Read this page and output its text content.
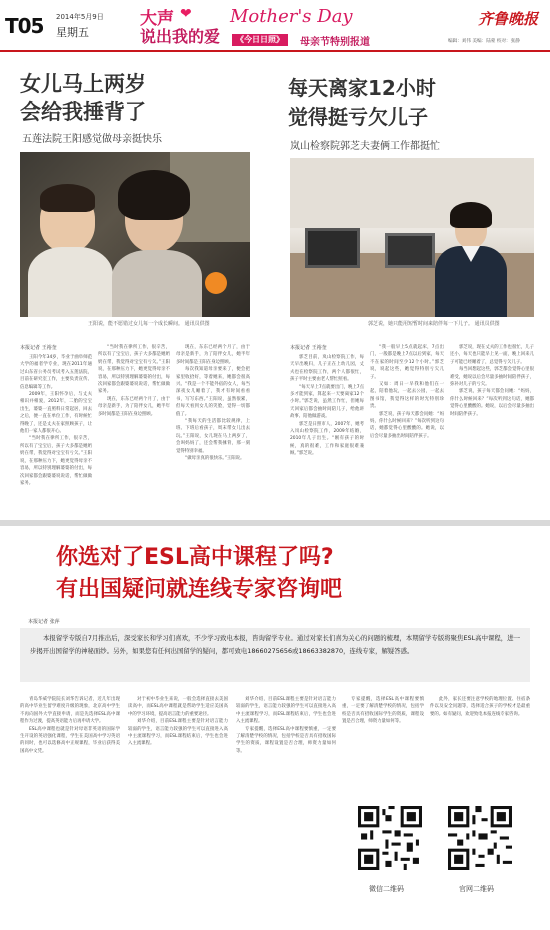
T05 2014年5月9日
星期五
大声 ❤
说出我的爱
Mother's Day
《今日日照》	母亲节特别报道
齐鲁晚报
编辑：刘伟 美编：陆蒙 校对：张静
女儿马上两岁
会给我捶背了
五莲法院王阳感觉做母亲挺快乐
每天离家12小时
觉得挺亏欠儿子
岚山检察院郭芝夫妻俩工作都挺忙
王阳说，能不愿错过女儿每一个成长瞬间。 通讯员供图	郭芝说，她只能用短暂时间来陪伴每一下儿子。 通讯员供图
本报记者 王裕奎

王阳今年34岁，毕业于曲阜师范大学的福者学专业，现在2011年通过山东省公务员考试考入五莲法院，目前在研究室工作，主要负责宣传、信息编辑等工作。

2009年，王阳怀孕后，与丈夫相识并相爱，2012年，二胎的宝宝出生，婆婆一直照料日常起居，回去之后，便一直在单位工作，有时候忙得晚了，还是丈夫在家照顾孩子，让他们一家人都很开心。

“当时我在律所工作，很辛苦，所以有了宝宝后，孩子大多都是她奶奶在带，我觉得对宝宝有亏欠。”王阳说，在那种压力下，她更觉得母亲不容易，所以特别理解婆婆的付出，每次回家都会跟婆婆说说话，帮忙做做家务。

“当时我在律所工作，很辛苦，所以有了宝宝后，孩子大多都是她奶奶在带，我觉得对宝宝有亏欠。”王阳说，在那种压力下，她更觉得母亲不容易，所以特别理解婆婆的付出，每次回家都会跟婆婆说说话，帮忙做做家务。

现在，东东已经两个月了，由于母亲是新手，为了陪伴女儿，她半年多时间都是王阳在身边照顾。

现在，东东已经两个月了，由于母亲是新手，为了陪伴女儿，她半年多时间都是王阳在身边照顾。

每次我知道母亲要来了，便会把家里收拾好，等着她来，她都会很高兴。“我是一个不能外宿的女人，每当深夜女儿睡着了，我才有时间看看书，写写东西。”王阳说，虽然很累，但每天看到女儿的笑脸，觉得一切都值了。

“我每天的生活都比较规律，上班、下班后看孩子，周末带女儿出去玩。”王阳说，女儿现在马上两岁了，会叫妈妈了，还会帮我捶背，那一刻觉得特别幸福。

“做母亲真的很快乐。”王阳说。

本报记者 王裕奎

郭芝目前，岚山检察院工作，每天早出晚归，儿子正在上幼儿园，丈夫也在检察院工作，两个人都很忙，孩子平时主要由老人帮忙照看。

“每天早上7点就要出门，晚上7点多才能到家，算起来一天要离家12个小时。”郭芝说，虽然工作忙，但她每天回家后都会抽时间陪儿子，给他讲故事、陪他做游戏。

郭芝是日照市人，2007年，她考入岚山检察院工作，2009年结婚，2010年儿子出生。“刚有孩子的时候，真的很难，工作和家庭很难兼顾。”郭芝说。

“我一般早上5点就起床，7点出门，一般都是晚上7点以后到家，每天不在家的时间至少12个小时。”郭芝说，说起这些，她觉得特别亏欠儿子。

又如：周日一早我和他们在一起，陪着他玩，一起去公园，一起去图书馆，我觉得这样的时光特别珍贵。

郭芝说，孩子每天都会问她：“妈妈，你什么时候回来？”每次听到这句话，她都觉得心里酸酸的。她说，以后会尽量多抽出时间陪伴孩子。

郭芝说，现在丈夫的工作也很忙，儿子还小，每天也只能早上见一面，晚上回来儿子可能已经睡着了，总觉得亏欠儿子。

每当回想起这些，郭芝都会觉得心里很难受，她说以后会尽量多抽时间陪伴孩子，弥补对儿子的亏欠。

郭芝说，孩子每天都会问她：“妈妈，你什么时候回来？”每次听到这句话，她都觉得心里酸酸的。她说，以后会尽量多抽出时间陪伴孩子。

你选对了ESL高中课程了吗?
有出国疑问就连线专家咨询吧
本报记者 张萍
本报留学专版自7月推出后，深受家长和学习们喜欢，不少学习致电本报，咨询留学专业。通过对家长们喜为关心的问题的梳理，本期留学专版将聚焦ESL高中课程，进一步揭开出国留学的神秘面纱。另外，如果您有任何出国留学的疑问，都可致电18660275656或18663382870，连线专家，解疑答惑。

青岛华威学院院长刘华告诉记者，近几年出现的高中毕业生留学难度升级的现象，北京高中学生不再向国外大学直接申请，而是先选择ESL高中课程作为过渡，提高英语能力后再申请大学。

ESL高中课程也就是针对母语非英语的国际学生开设的英语强化课程，学生在美国高中学习英语的同时，也可以选修高中正规课程，毕业后获得美国高中文凭。

对于初中毕业生来说，一般会选择直接去美国读高中，而ESL高中课程就是帮助学生适应美国高中的学习环境，提高语言能力的重要途径。

刘华介绍，目前ESL课程主要是针对语言能力较弱的学生，语言能力较强的学生可以直接进入高中主流课程学习，而ESL课程结束后，学生也会进入主流课程。

刘华介绍，目前ESL课程主要是针对语言能力较弱的学生，语言能力较强的学生可以直接进入高中主流课程学习，而ESL课程结束后，学生也会进入主流课程。

专家提醒，选择ESL高中课程要慎重，一定要了解清楚学校的情况，包括学校是否具有招收国际学生的资质，课程设置是否合理，师资力量如何等。

专家提醒，选择ESL高中课程要慎重，一定要了解清楚学校的情况，包括学校是否具有招收国际学生的资质，课程设置是否合理，师资力量如何等。

此外，家长还要注意学校的地理位置、住宿条件以及安全问题等，选择适合孩子的学校才是最重要的。如有疑问，欢迎致电本报连线专家咨询。

微信二维码	官网二维码
